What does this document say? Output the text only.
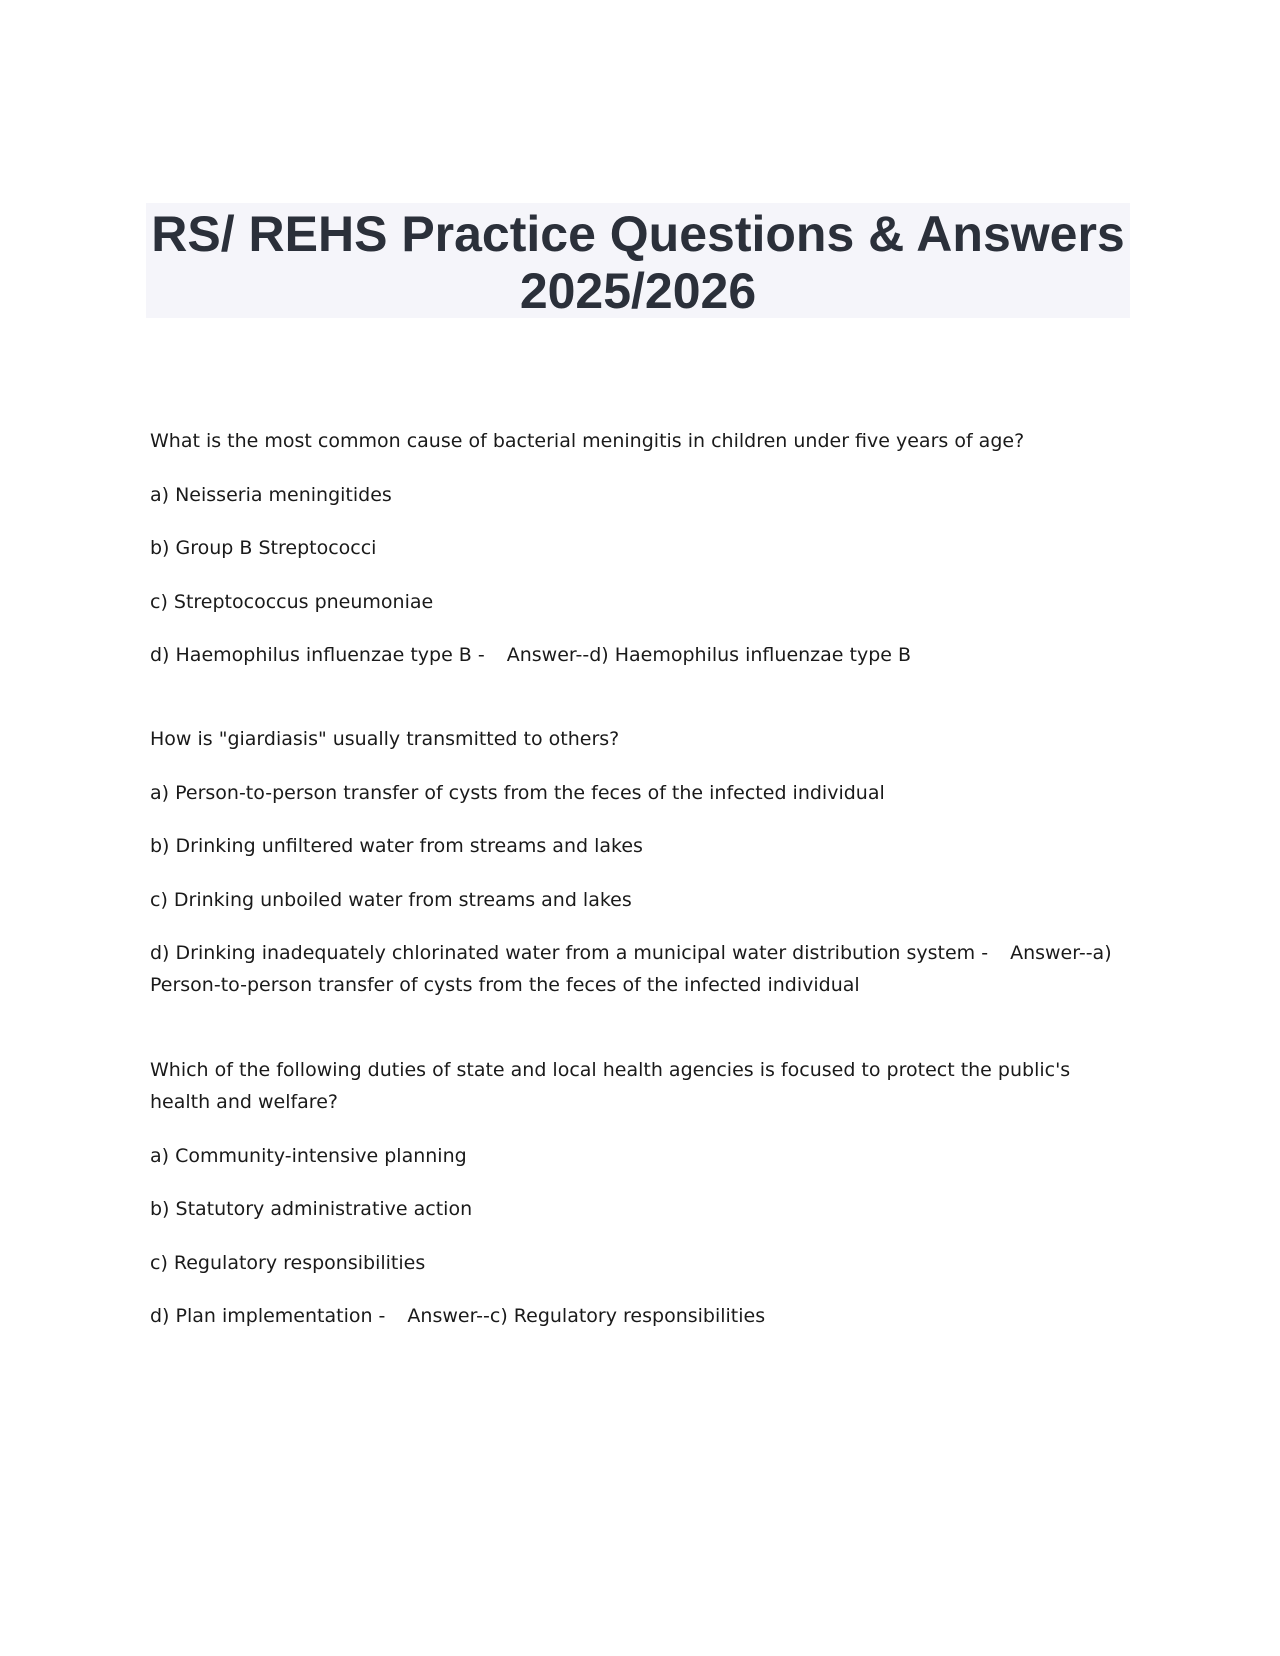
RS/ REHS Practice Questions & Answers
2025/2026

What is the most common cause of bacterial meningitis in children under five years of age?

a) Neisseria meningitides

b) Group B Streptococci

c) Streptococcus pneumoniae

d) Haemophilus influenzae type B - Answer--d) Haemophilus influenzae type B

How is "giardiasis" usually transmitted to others?

a) Person-to-person transfer of cysts from the feces of the infected individual

b) Drinking unfiltered water from streams and lakes

c) Drinking unboiled water from streams and lakes

d) Drinking inadequately chlorinated water from a municipal water distribution system - Answer--a) Person-to-person transfer of cysts from the feces of the infected individual

Which of the following duties of state and local health agencies is focused to protect the public's health and welfare?

a) Community-intensive planning

b) Statutory administrative action

c) Regulatory responsibilities

d) Plan implementation - Answer--c) Regulatory responsibilities
